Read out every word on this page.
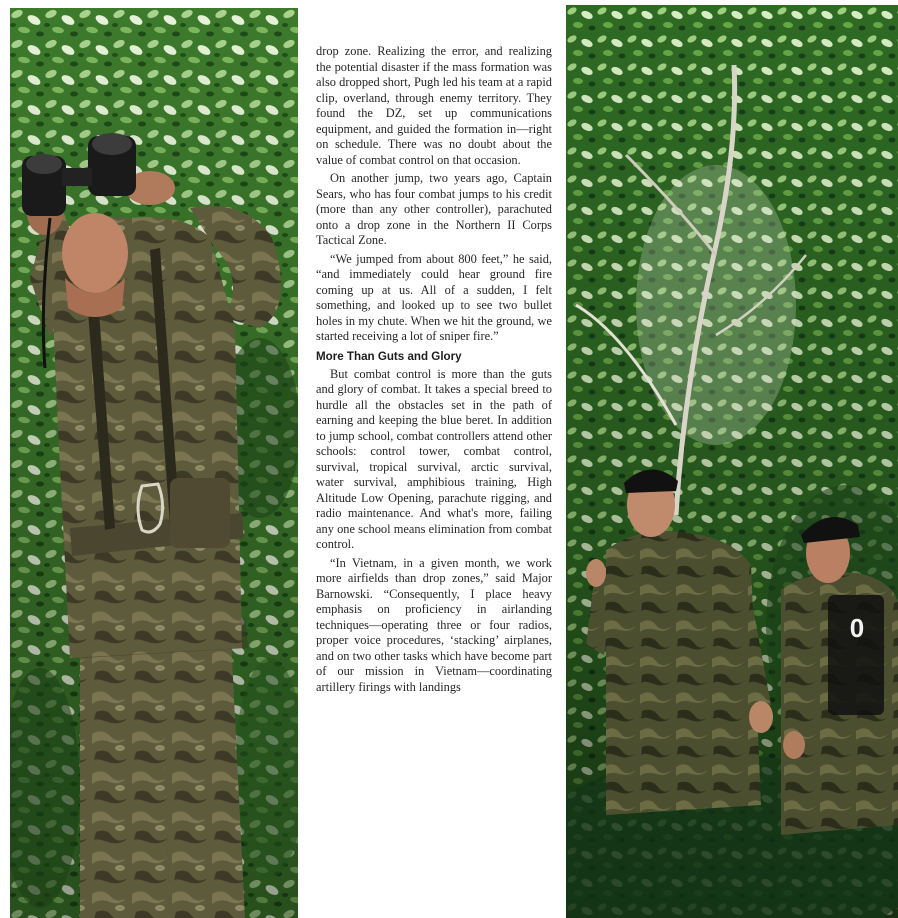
drop zone. Realizing the error, and realizing the potential disaster if the mass formation was also dropped short, Pugh led his team at a rapid clip, overland, through enemy territory. They found the DZ, set up communications equipment, and guided the formation in—right on schedule. There was no doubt about the value of combat control on that occasion.

On another jump, two years ago, Captain Sears, who has four combat jumps to his credit (more than any other controller), parachuted onto a drop zone in the Northern II Corps Tactical Zone.

“We jumped from about 800 feet,” he said, “and immediately could hear ground fire coming up at us. All of a sudden, I felt something, and looked up to see two bullet holes in my chute. When we hit the ground, we started receiving a lot of sniper fire.”

More Than Guts and Glory

But combat control is more than the guts and glory of combat. It takes a special breed to hurdle all the obstacles set in the path of earning and keeping the blue beret. In addition to jump school, combat controllers attend other schools: control tower, combat control, survival, tropical survival, arctic survival, water survival, amphibious training, High Altitude Low Opening, parachute rigging, and radio maintenance. And what's more, failing any one school means elimination from combat control.

“In Vietnam, in a given month, we work more airfields than drop zones,” said Major Barnowski. “Consequently, I place heavy emphasis on proficiency in airlanding techniques—operating three or four radios, proper voice procedures, ‘stacking’ airplanes, and on two other tasks which have become part of our mission in Vietnam—coordinating artillery firings with landings

0
